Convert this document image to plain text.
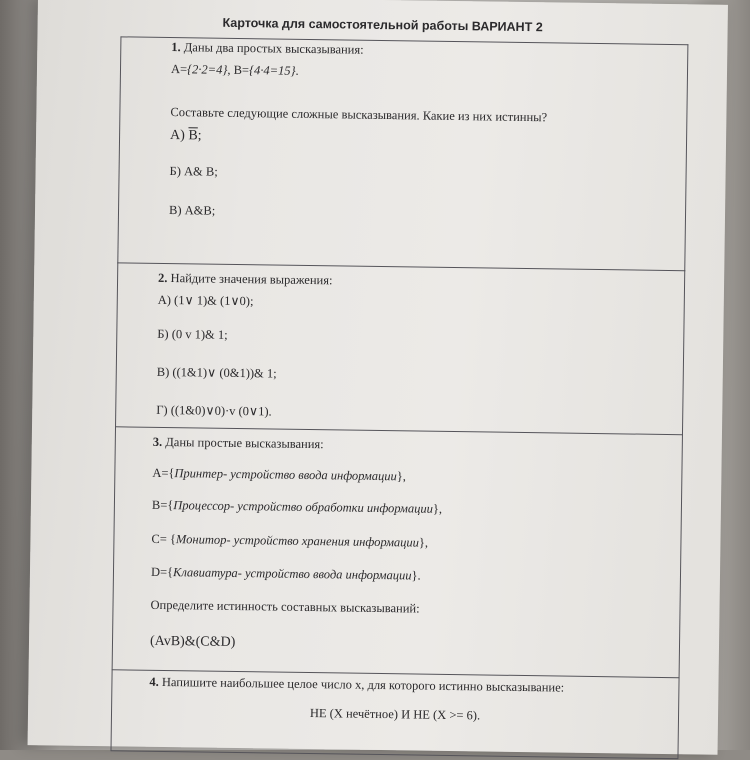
Карточка для самостоятельной работы ВАРИАНТ 2
1. Даны два простых высказывания:
A={2·2=4}, B={4·4=15}.
Составьте следующие сложные высказывания. Какие из них истинны?
А) $\overline{B}$;
Б) A& B;
В) A&B;
2. Найдите значения выражения:
А) (1∨ 1)& (1∨0);
Б) (0 v 1)& 1;
В) ((1&1)∨ (0&1))& 1;
Г) ((1&0)∨0)·v (0∨1).
3. Даны простые высказывания:
A={Принтер- устройство ввода информации},
B={Процессор- устройство обработки информации},
C= {Монитор- устройство хранения информации},
D={Клавиатура- устройство ввода информации}.
Определите истинность составных высказываний:
(AvB)&(C&D)
4. Напишите наибольшее целое число x, для которого истинно высказывание:
НЕ (X нечётное) И НЕ (X >= 6).
